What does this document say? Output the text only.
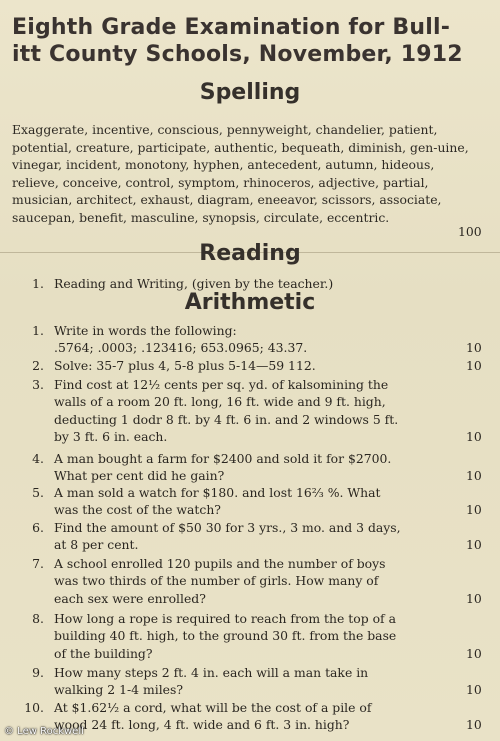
Eighth Grade Examination for Bull-
itt County Schools, November, 1912
Spelling
Exaggerate, incentive, conscious, pennyweight, chandelier, patient, potential, creature, participate, authentic, bequeath, diminish, gen-uine, vinegar, incident, monotony, hyphen, antecedent, autumn, hideous, relieve, conceive, control, symptom, rhinoceros, adjective, partial, musician, architect, exhaust, diagram, eneeavor, scissors, associate, saucepan, benefit, masculine, synopsis, circulate, eccentric.
100
Reading
1. Reading and Writing, (given by the teacher.)
Arithmetic
1. Write in words the following:
.5764; .0003; .123416; 653.0965; 43.37.	10
2. Solve: 35-7 plus 4, 5-8 plus 5-14—59 112.	10
3. Find cost at 12½ cents per sq. yd. of kalsomining the
walls of a room 20 ft. long, 16 ft. wide and 9 ft. high,
deducting 1 dodr 8 ft. by 4 ft. 6 in. and 2 windows 5 ft.
by 3 ft. 6 in. each.	10
4. A man bought a farm for $2400 and sold it for $2700.
What per cent did he gain?	10
5. A man sold a watch for $180. and lost 16⅔ %. What
was the cost of the watch?	10
6. Find the amount of $50 30 for 3 yrs., 3 mo. and 3 days,
at 8 per cent.	10
7. A school enrolled 120 pupils and the number of boys
was two thirds of the number of girls. How many of
each sex were enrolled?	10
8. How long a rope is required to reach from the top of a
building 40 ft. high, to the ground 30 ft. from the base
of the building?	10
9. How many steps 2 ft. 4 in. each will a man take in
walking 2 1-4 miles?	10
10. At $1.62½ a cord, what will be the cost of a pile of
wood 24 ft. long, 4 ft. wide and 6 ft. 3 in. high?	10
© Lew Rockwell
